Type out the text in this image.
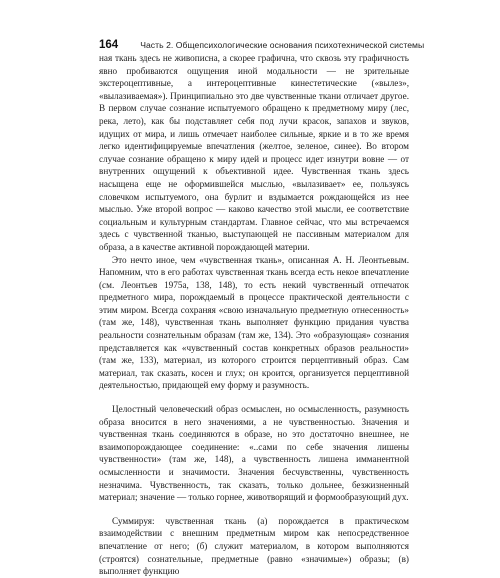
164	Часть 2. Общепсихологические основания психотехнической системы

ная ткань здесь не живописна, а скорее графична, что сквозь эту графичность явно пробиваются ощущения иной модальности — не зрительные экстероцептивные, а интероцептивные кинестетические («вылез», «вылазиваемая»). Принципиально это две чувственные ткани отличает другое. В первом случае сознание испытуемого обращено к предметному миру (лес, река, лето), как бы подставляет себя под лучи красок, запахов и звуков, идущих от мира, и лишь отмечает наиболее сильные, яркие и в то же время легко идентифицируемые впечатления (желтое, зеленое, синее). Во втором случае сознание обращено к миру идей и процесс идет изнутри вовне — от внутренних ощущений к объективной идее. Чувственная ткань здесь насыщена еще не оформившейся мыслью, «вылазивает» ее, пользуясь словечком испытуемого, она бурлит и вздымается рождающейся из нее мыслью. Уже второй вопрос — каково качество этой мысли, ее соответствие социальным и культурным стандартам. Главное сейчас, что мы встречаемся здесь с чувственной тканью, выступающей не пассивным материалом для образа, а в качестве активной порождающей материи.

Это нечто иное, чем «чувственная ткань», описанная А. Н. Леонтьевым. Напомним, что в его работах чувственная ткань всегда есть некое впечатление (см. Леонтьев 1975а, 138, 148), то есть некий чувственный отпечаток предметного мира, порождаемый в процессе практической деятельности с этим миром. Всегда сохраняя «свою изначальную предметную отнесенность» (там же, 148), чувственная ткань выполняет функцию придания чувства реальности сознательным образам (там же, 134). Это «образующая» сознания представляется как «чувственный состав конкретных образов реальности» (там же, 133), материал, из которого строится перцептивный образ. Сам материал, так сказать, косен и глух; он кроится, организуется перцептивной деятельностью, придающей ему форму и разумность.

Целостный человеческий образ осмыслен, но осмысленность, разумность образа вносится в него значениями, а не чувственностью. Значения и чувственная ткань соединяются в образе, но это достаточно внешнее, не взаимопорождающее соединение: «..сами по себе значения лишены чувственности» (там же, 148), а чувственность лишена имманентной осмысленности и значимости. Значения бесчувственны, чувственность незначима. Чувственность, так сказать, только дольнее, безжизненный материал; значение — только горнее, животворящий и формообразующий дух.

Суммируя: чувственная ткань (а) порождается в практическом взаимодействии с внешним предметным миром как непосредственное впечатление от него; (б) служит материалом, в котором выполняются (строятся) сознательные, предметные (равно «значимые») образы; (в) выполняет функцию
